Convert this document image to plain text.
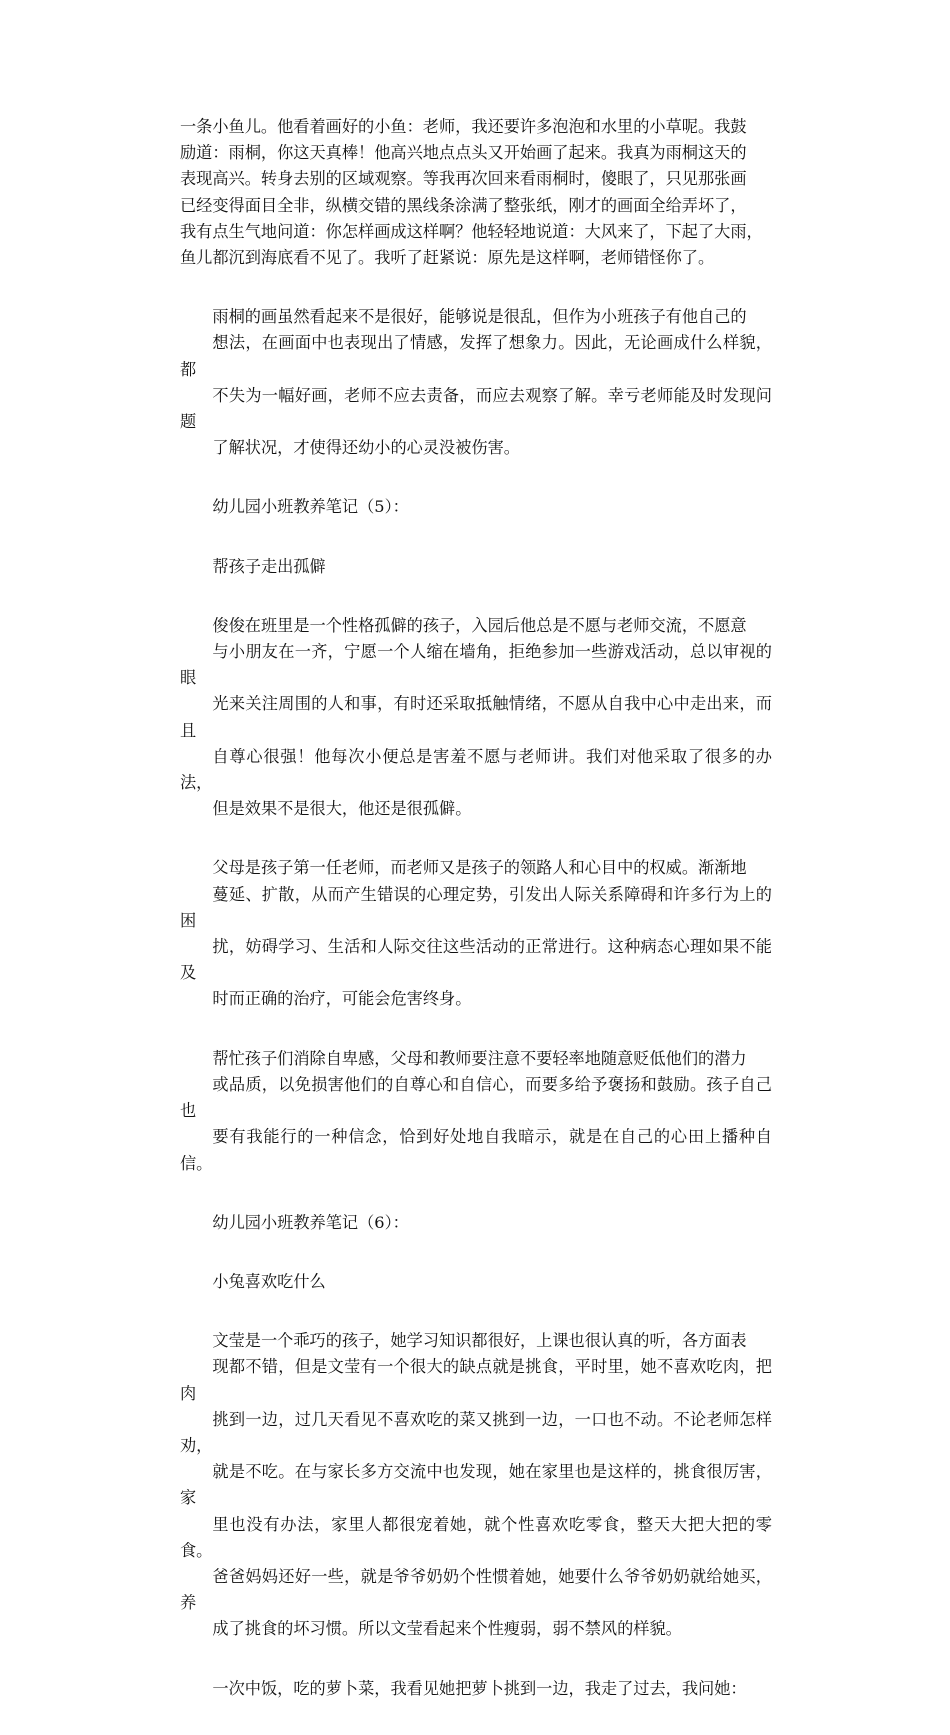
一条小鱼儿。他看着画好的小鱼：老师，我还要许多泡泡和水里的小草呢。我鼓
励道：雨桐，你这天真棒！他高兴地点点头又开始画了起来。我真为雨桐这天的
表现高兴。转身去别的区域观察。等我再次回来看雨桐时，傻眼了，只见那张画
已经变得面目全非，纵横交错的黑线条涂满了整张纸，刚才的画面全给弄坏了，
我有点生气地问道：你怎样画成这样啊？他轻轻地说道：大风来了，下起了大雨，
鱼儿都沉到海底看不见了。我听了赶紧说：原先是这样啊，老师错怪你了。

雨桐的画虽然看起来不是很好，能够说是很乱，但作为小班孩子有他自己的
想法，在画面中也表现出了情感，发挥了想象力。因此，无论画成什么样貌，都
不失为一幅好画，老师不应去责备，而应去观察了解。幸亏老师能及时发现问题
了解状况，才使得还幼小的心灵没被伤害。

幼儿园小班教养笔记（5）：

帮孩子走出孤僻

俊俊在班里是一个性格孤僻的孩子，入园后他总是不愿与老师交流，不愿意
与小朋友在一齐，宁愿一个人缩在墙角，拒绝参加一些游戏活动，总以审视的眼
光来关注周围的人和事，有时还采取抵触情绪，不愿从自我中心中走出来，而且
自尊心很强！他每次小便总是害羞不愿与老师讲。我们对他采取了很多的办法，
但是效果不是很大，他还是很孤僻。

父母是孩子第一任老师，而老师又是孩子的领路人和心目中的权威。渐渐地
蔓延、扩散，从而产生错误的心理定势，引发出人际关系障碍和许多行为上的困
扰，妨碍学习、生活和人际交往这些活动的正常进行。这种病态心理如果不能及
时而正确的治疗，可能会危害终身。

帮忙孩子们消除自卑感，父母和教师要注意不要轻率地随意贬低他们的潜力
或品质，以免损害他们的自尊心和自信心，而要多给予褒扬和鼓励。孩子自己也
要有我能行的一种信念，恰到好处地自我暗示，就是在自己的心田上播种自信。

幼儿园小班教养笔记（6）：

小兔喜欢吃什么

文莹是一个乖巧的孩子，她学习知识都很好，上课也很认真的听，各方面表
现都不错，但是文莹有一个很大的缺点就是挑食，平时里，她不喜欢吃肉，把肉
挑到一边，过几天看见不喜欢吃的菜又挑到一边，一口也不动。不论老师怎样劝，
就是不吃。在与家长多方交流中也发现，她在家里也是这样的，挑食很厉害，家
里也没有办法，家里人都很宠着她，就个性喜欢吃零食，整天大把大把的零食。
爸爸妈妈还好一些，就是爷爷奶奶个性惯着她，她要什么爷爷奶奶就给她买，养
成了挑食的坏习惯。所以文莹看起来个性瘦弱，弱不禁风的样貌。

一次中饭，吃的萝卜菜，我看见她把萝卜挑到一边，我走了过去，我问她：
